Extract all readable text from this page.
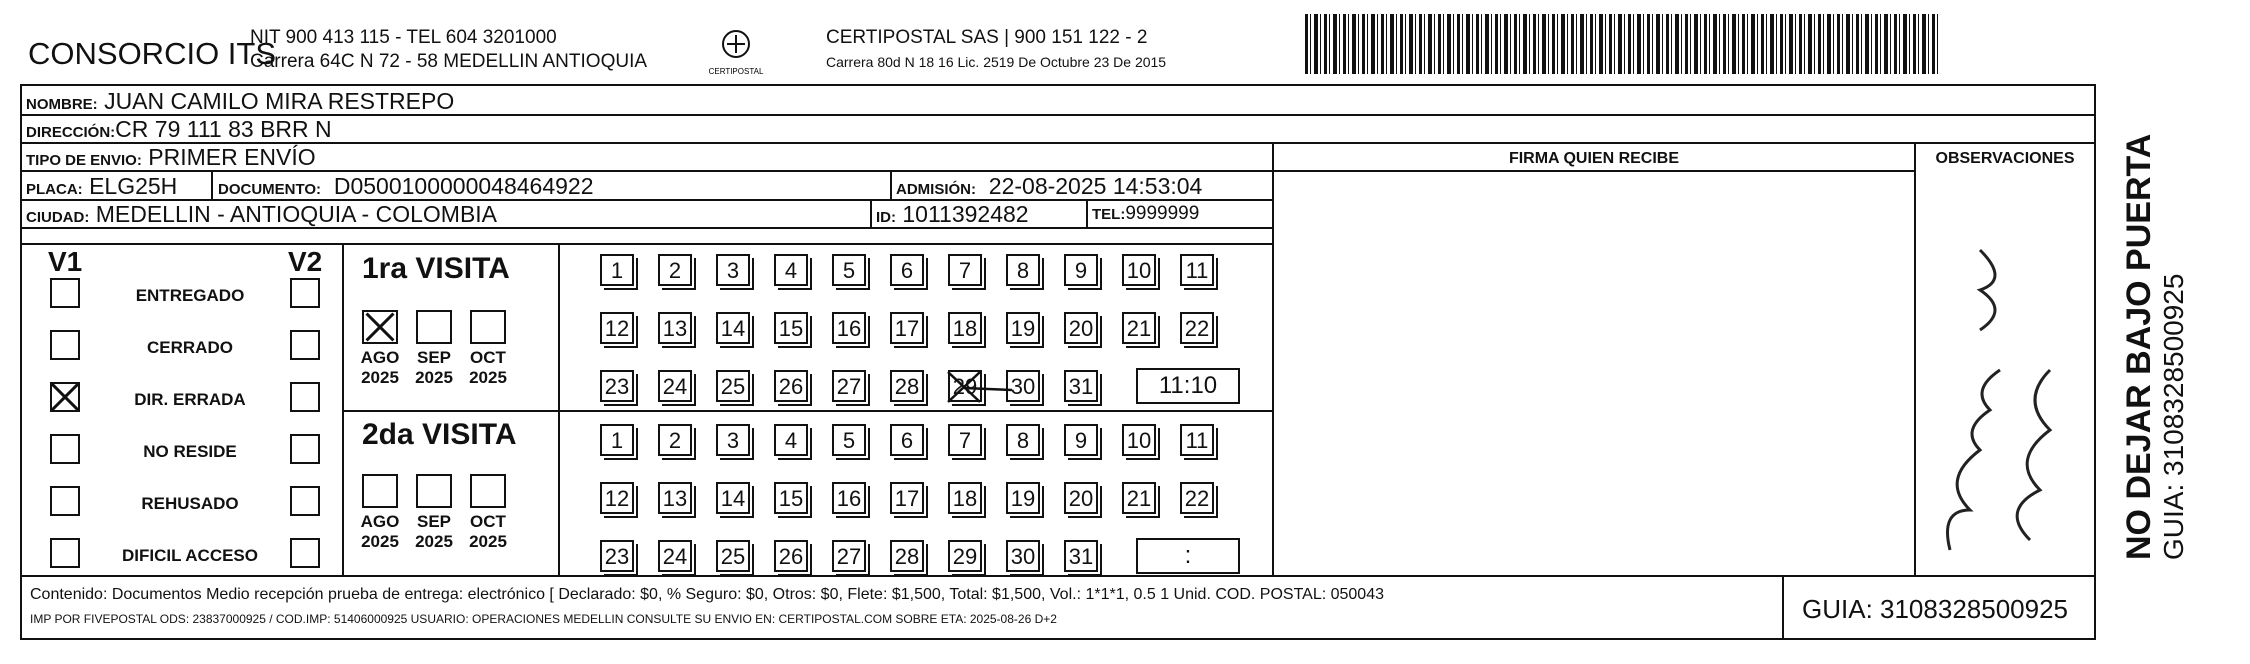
CONSORCIO ITS
NIT 900 413 115 - TEL 604 3201000
Carrera 64C N 72 - 58 MEDELLIN ANTIOQUIA	CERTIPOSTAL
CERTIPOSTAL SAS | 900 151 122 - 2
Carrera 80d N 18 16 Lic. 2519 De Octubre 23 De 2015
NOMBRE: JUAN CAMILO MIRA RESTREPO
DIRECCIÓN:CR 79 111 83 BRR N
TIPO DE ENVIO: PRIMER ENVÍO
PLACA: ELG25H	DOCUMENTO: D0500100000048464922	ADMISIÓN: 22-08-2025 14:53:04
CIUDAD: MEDELLIN - ANTIOQUIA - COLOMBIA	ID: 1011392482	TEL:9999999
FIRMA QUIEN RECIBE	OBSERVACIONES
V1	V2
ENTREGADO
CERRADO
DIR. ERRADA
NO RESIDE
REHUSADO
DIFICIL ACCESO
1ra VISITA
2da VISITA
AGO
2025
SEP
2025
OCT
2025
AGO
2025
SEP
2025
OCT
2025
1	2	3	4	5	6	7	8	9	10 11
12 13 14 15 16 17 18 19 20 21 22
23 24 25 26 27 28 29 30 31	11:10
1	2	3	4	5	6	7	8	9	10 11
12 13 14 15 16 17 18 19 20 21 22
23 24 25 26 27 28 29 30 31	:
Contenido: Documentos Medio recepción prueba de entrega: electrónico [ Declarado: $0, % Seguro: $0, Otros: $0, Flete: $1,500, Total: $1,500, Vol.: 1*1*1, 0.5 1 Unid. COD. POSTAL: 050043
IMP POR FIVEPOSTAL ODS: 23837000925 / COD.IMP: 51406000925 USUARIO: OPERACIONES MEDELLIN CONSULTE SU ENVIO EN: CERTIPOSTAL.COM SOBRE ETA: 2025-08-26 D+2	GUIA: 3108328500925
NO DEJAR BAJO PUERTA GUIA: 3108328500925
